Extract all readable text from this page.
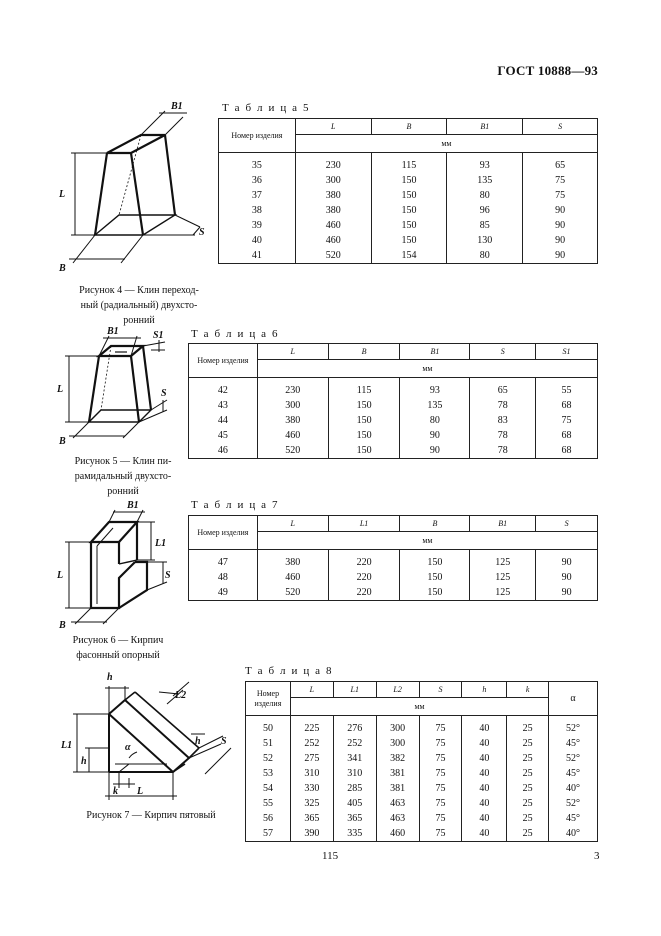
ГОСТ 10888—93
B1
L
S
B
Рисунок 4 — Клин переход-
ный (радиальный) двухсто-
ронний
Т а б л и ц а 5
Номер изделия	L	B	B1	S
	мм			

35	230	115	93	65
36	300	150	135	75
37	380	150	80	75
38	380	150	96	90
39	460	150	85	90
40	460	150	130	90
41	520	154	80	90
B1	S1
L	S
B
Рисунок 5 — Клин пи-
рамидальный двухсто-
ронний
Т а б л и ц а 6
Номер изделия	L	B	B1	S	S1
	мм				

42	230	115	93	65	55
43	300	150	135	78	68
44	380	150	80	83	75
45	460	150	90	78	68
46	520	150	90	78	68
B1
L1
L	S
B
Рисунок 6 — Кирпич
фасонный опорный
Т а б л и ц а 7
Номер изделия	L	L1	B	B1	S
	мм				

47	380	220	150	125	90
48	460	220	150	125	90
49	520	220	150	125	90
h
L2
L1
h
α
h S
k L
Рисунок 7 — Кирпич пятовый
Т а б л и ц а 8
Номер изделия	L	L1	L2	S	h	k	α
	мм						

50	225	276	300	75	40	25	52°
51	252	252	300	75	40	25	45°
52	275	341	382	75	40	25	52°
53	310	310	381	75	40	25	45°
54	330	285	381	75	40	25	40°
55	325	405	463	75	40	25	52°
56	365	365	463	75	40	25	45°
57	390	335	460	75	40	25	40°
115	3
